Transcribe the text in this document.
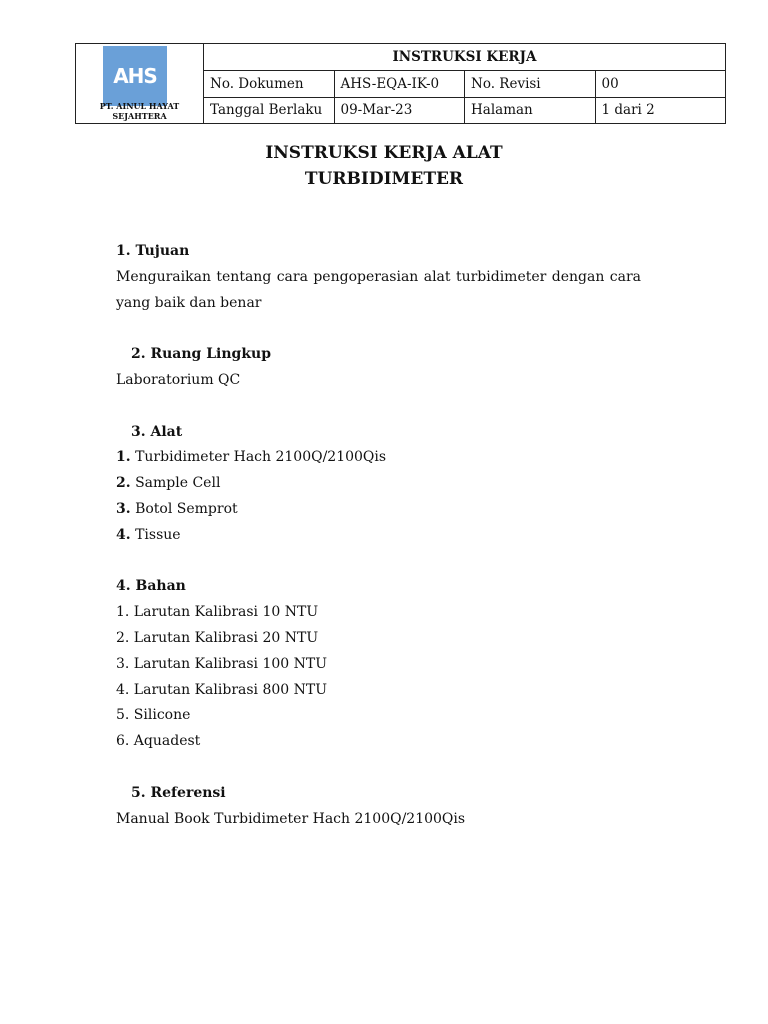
AHS
PT. AINUL HAYAT SEJAHTERA	INSTRUKSI KERJA			
	No. Dokumen	AHS-EQA-IK-0	No. Revisi	00
	Tanggal Berlaku	09-Mar-23	Halaman	1 dari 2
INSTRUKSI KERJA ALAT
TURBIDIMETER
1. Tujuan
Menguraikan tentang cara pengoperasian alat turbidimeter dengan cara
yang baik dan benar
2. Ruang Lingkup
Laboratorium QC
3. Alat
1. Turbidimeter Hach 2100Q/2100Qis
2. Sample Cell
3. Botol Semprot
4. Tissue
4. Bahan
1. Larutan Kalibrasi 10 NTU
2. Larutan Kalibrasi 20 NTU
3. Larutan Kalibrasi 100 NTU
4. Larutan Kalibrasi 800 NTU
5. Silicone
6. Aquadest
5. Referensi
Manual Book Turbidimeter Hach 2100Q/2100Qis
